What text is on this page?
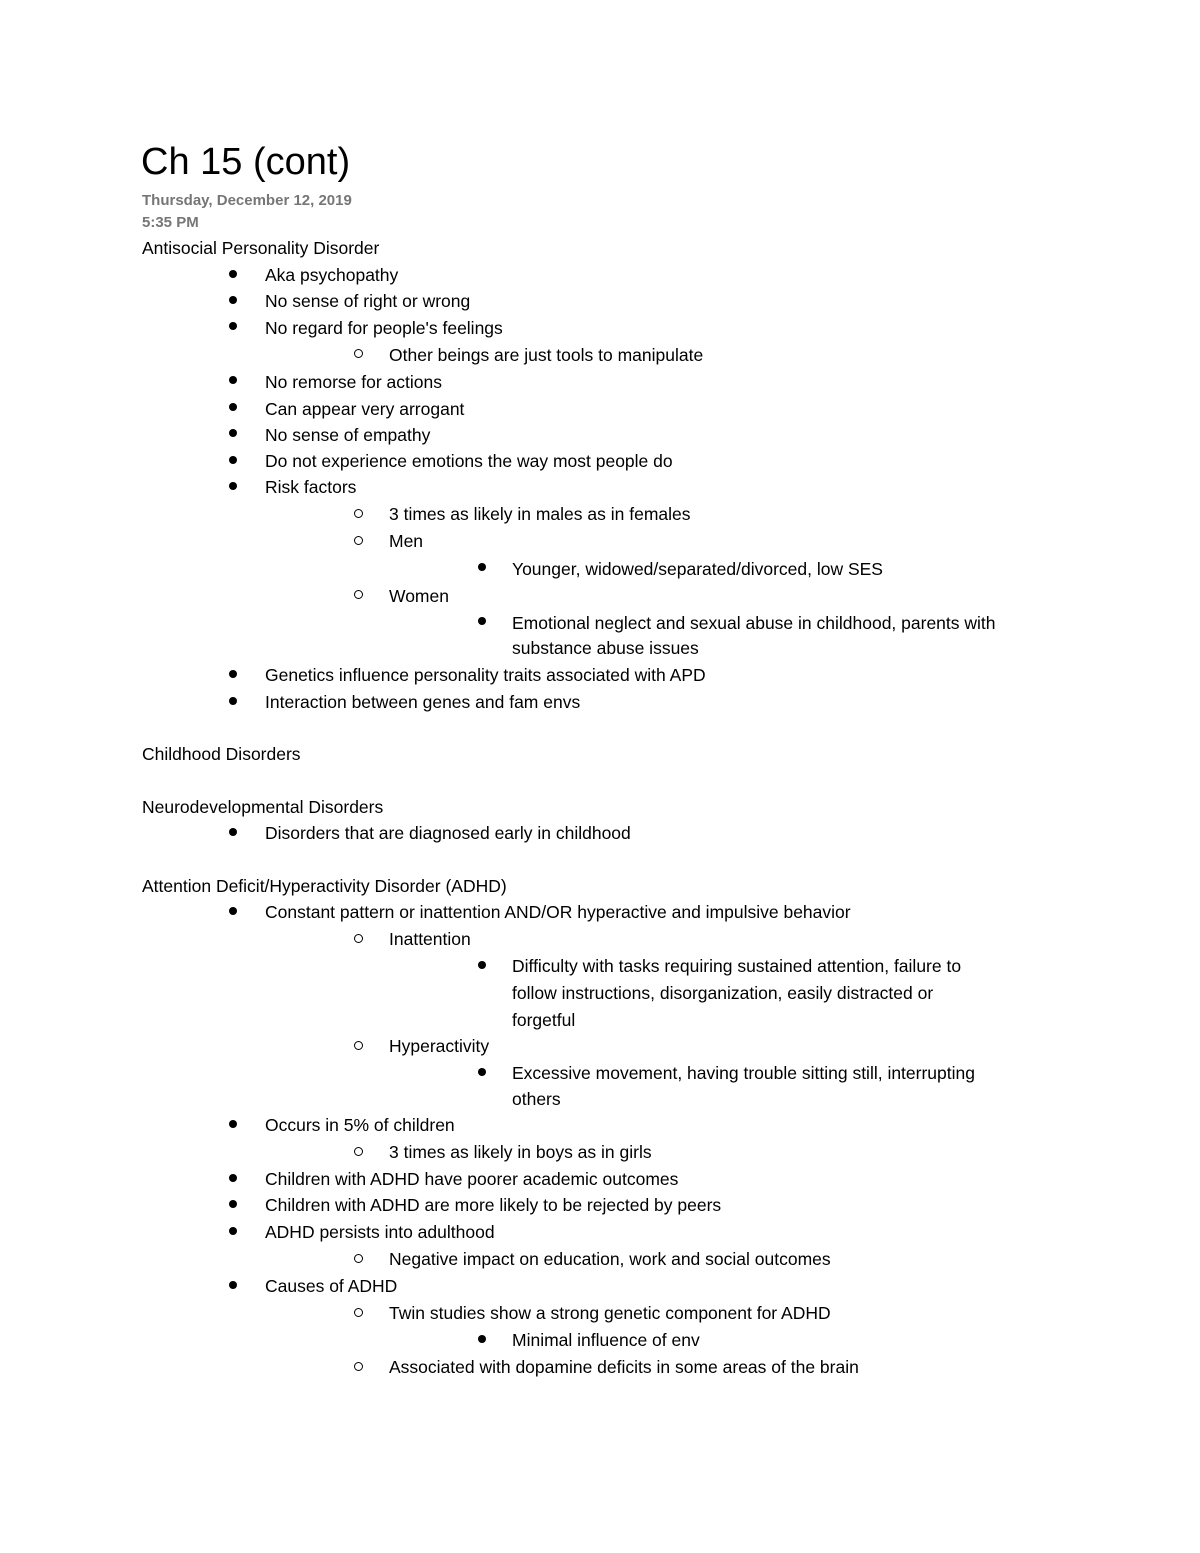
Ch 15 (cont)
Thursday, December 12, 2019
5:35 PM
Antisocial Personality Disorder
Aka psychopathy
No sense of right or wrong
No regard for people's feelings
Other beings are just tools to manipulate
No remorse for actions
Can appear very arrogant
No sense of empathy
Do not experience emotions the way most people do
Risk factors
3 times as likely in males as in females
Men
Younger, widowed/separated/divorced, low SES
Women
Emotional neglect and sexual abuse in childhood, parents with
substance abuse issues
Genetics influence personality traits associated with APD
Interaction between genes and fam envs
Childhood Disorders
Neurodevelopmental Disorders
Disorders that are diagnosed early in childhood
Attention Deficit/Hyperactivity Disorder (ADHD)
Constant pattern or inattention AND/OR hyperactive and impulsive behavior
Inattention
Difficulty with tasks requiring sustained attention, failure to
follow instructions, disorganization, easily distracted or
forgetful
Hyperactivity
Excessive movement, having trouble sitting still, interrupting
others
Occurs in 5% of children
3 times as likely in boys as in girls
Children with ADHD have poorer academic outcomes
Children with ADHD are more likely to be rejected by peers
ADHD persists into adulthood
Negative impact on education, work and social outcomes
Causes of ADHD
Twin studies show a strong genetic component for ADHD
Minimal influence of env
Associated with dopamine deficits in some areas of the brain
